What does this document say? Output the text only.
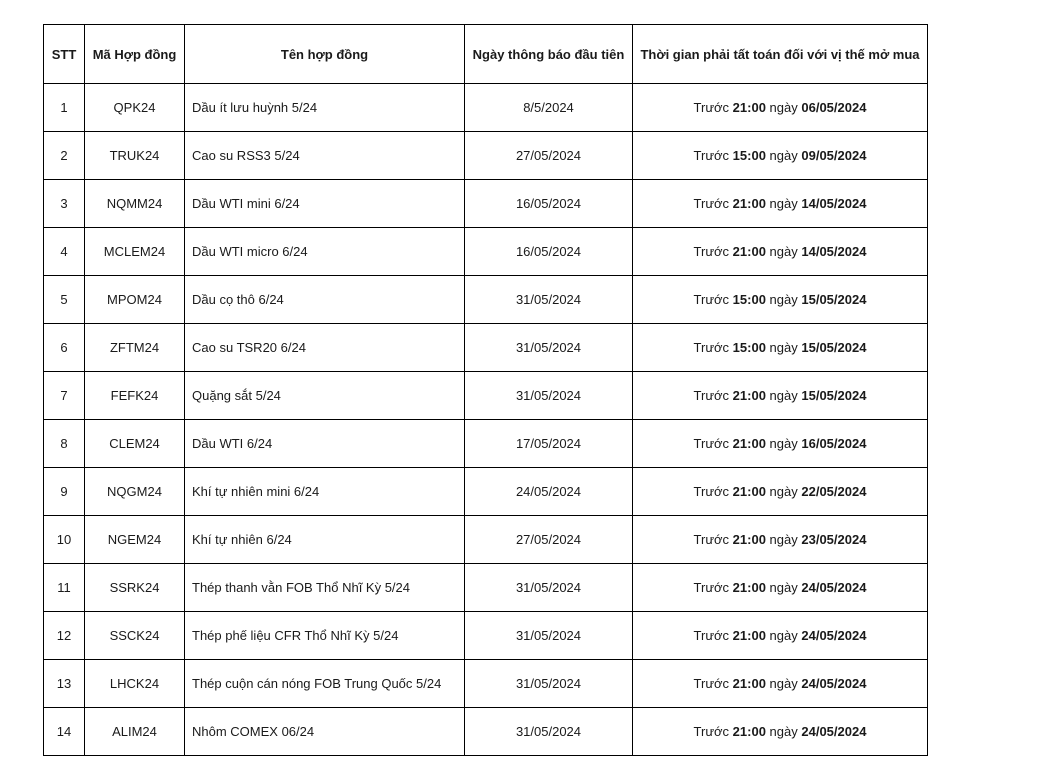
STT	Mã Hợp đồng	Tên hợp đồng	Ngày thông báo đầu tiên	Thời gian phải tất toán đối với vị thế mở mua
1	QPK24	Dầu ít lưu huỳnh 5/24	8/5/2024	Trước 21:00 ngày 06/05/2024
2	TRUK24	Cao su RSS3 5/24	27/05/2024	Trước 15:00 ngày 09/05/2024
3	NQMM24	Dầu WTI mini 6/24	16/05/2024	Trước 21:00 ngày 14/05/2024
4	MCLEM24	Dầu WTI micro 6/24	16/05/2024	Trước 21:00 ngày 14/05/2024
5	MPOM24	Dầu cọ thô 6/24	31/05/2024	Trước 15:00 ngày 15/05/2024
6	ZFTM24	Cao su TSR20 6/24	31/05/2024	Trước 15:00 ngày 15/05/2024
7	FEFK24	Quặng sắt 5/24	31/05/2024	Trước 21:00 ngày 15/05/2024
8	CLEM24	Dầu WTI 6/24	17/05/2024	Trước 21:00 ngày 16/05/2024
9	NQGM24	Khí tự nhiên mini 6/24	24/05/2024	Trước 21:00 ngày 22/05/2024
10	NGEM24	Khí tự nhiên 6/24	27/05/2024	Trước 21:00 ngày 23/05/2024
11	SSRK24	Thép thanh vằn FOB Thổ Nhĩ Kỳ 5/24	31/05/2024	Trước 21:00 ngày 24/05/2024
12	SSCK24	Thép phế liệu CFR Thổ Nhĩ Kỳ 5/24	31/05/2024	Trước 21:00 ngày 24/05/2024
13	LHCK24	Thép cuộn cán nóng FOB Trung Quốc 5/24	31/05/2024	Trước 21:00 ngày 24/05/2024
14	ALIM24	Nhôm COMEX 06/24	31/05/2024	Trước 21:00 ngày 24/05/2024
